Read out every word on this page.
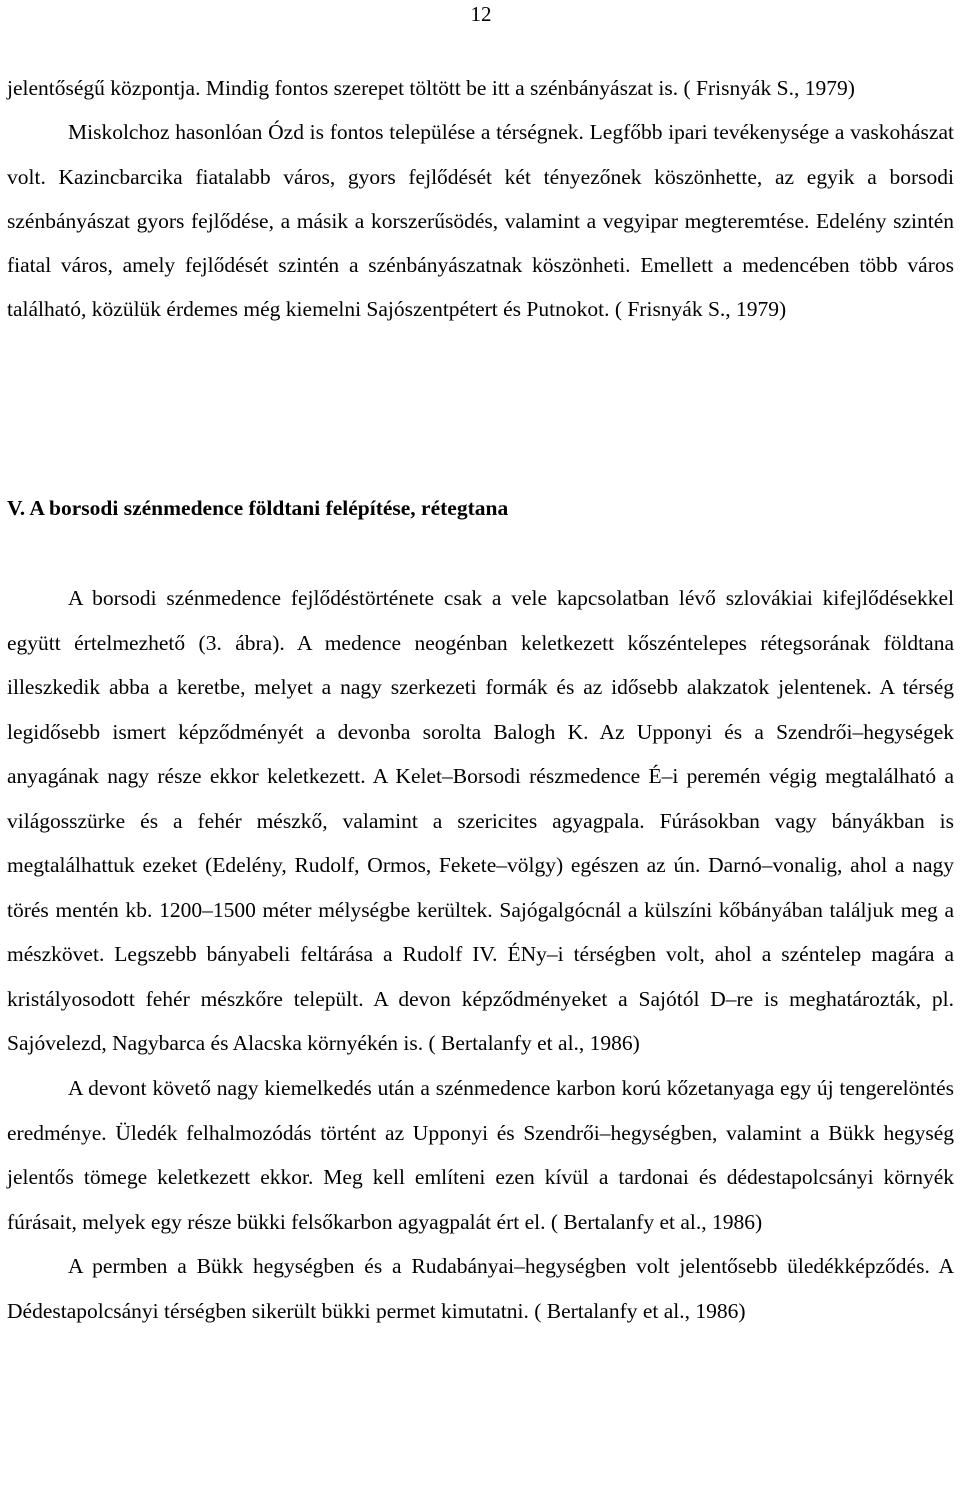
12

jelentőségű központja. Mindig fontos szerepet töltött be itt a szénbányászat is. ( Frisnyák S., 1979)

Miskolchoz hasonlóan Ózd is fontos települése a térségnek. Legfőbb ipari tevékenysége a vaskohászat volt. Kazincbarcika fiatalabb város, gyors fejlődését két tényezőnek köszönhette, az egyik a borsodi szénbányászat gyors fejlődése, a másik a korszerűsödés, valamint a vegyipar megteremtése. Edelény szintén fiatal város, amely fejlődését szintén a szénbányászatnak köszönheti. Emellett a medencében több város található, közülük érdemes még kiemelni Sajószentpétert és Putnokot. ( Frisnyák S., 1979)

V. A borsodi szénmedence földtani felépítése, rétegtana

A borsodi szénmedence fejlődéstörténete csak a vele kapcsolatban lévő szlovákiai kifejlődésekkel együtt értelmezhető (3. ábra). A medence neogénban keletkezett kőszéntelepes rétegsorának földtana illeszkedik abba a keretbe, melyet a nagy szerkezeti formák és az idősebb alakzatok jelentenek. A térség legidősebb ismert képződményét a devonba sorolta Balogh K. Az Upponyi és a Szendrői–hegységek anyagának nagy része ekkor keletkezett. A Kelet–Borsodi részmedence É–i peremén végig megtalálható a világosszürke és a fehér mészkő, valamint a szericites agyagpala. Fúrásokban vagy bányákban is megtalálhattuk ezeket (Edelény, Rudolf, Ormos, Fekete–völgy) egészen az ún. Darnó–vonalig, ahol a nagy törés mentén kb. 1200–1500 méter mélységbe kerültek. Sajógalgócnál a külszíni kőbányában találjuk meg a mészkövet. Legszebb bányabeli feltárása a Rudolf IV. ÉNy–i térségben volt, ahol a széntelep magára a kristályosodott fehér mészkőre települt. A devon képződményeket a Sajótól D–re is meghatározták, pl. Sajóvelezd, Nagybarca és Alacska környékén is. ( Bertalanfy et al., 1986)

A devont követő nagy kiemelkedés után a szénmedence karbon korú kőzetanyaga egy új tengerelöntés eredménye. Üledék felhalmozódás történt az Upponyi és Szendrői–hegységben, valamint a Bükk hegység jelentős tömege keletkezett ekkor. Meg kell említeni ezen kívül a tardonai és dédestapolcsányi környék fúrásait, melyek egy része bükki felsőkarbon agyagpalát ért el. ( Bertalanfy et al., 1986)

A permben a Bükk hegységben és a Rudabányai–hegységben volt jelentősebb üledékképződés. A Dédestapolcsányi térségben sikerült bükki permet kimutatni. ( Bertalanfy et al., 1986)
